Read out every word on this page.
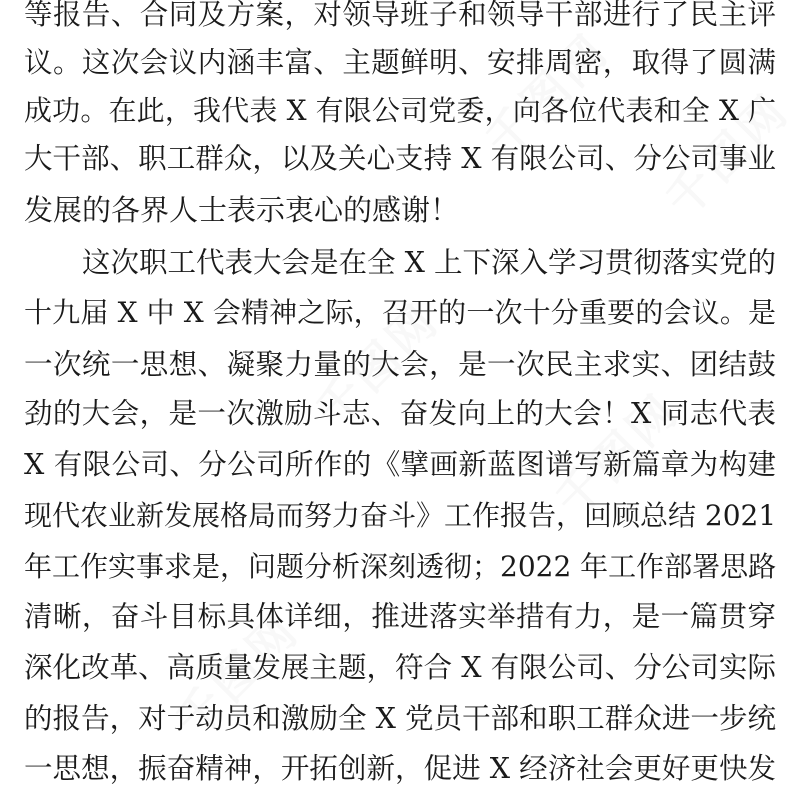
千图网 千图网
千图网
千图网
千图网
等报告、合同及方案，对领导班子和领导干部进行了民主评
议。这次会议内涵丰富、主题鲜明、安排周密，取得了圆满
成功。在此，我代表 X 有限公司党委，向各位代表和全 X 广
大干部、职工群众，以及关心支持 X 有限公司、分公司事业
发展的各界人士表示衷心的感谢！
这次职工代表大会是在全 X 上下深入学习贯彻落实党的
十九届 X 中 X 会精神之际，召开的一次十分重要的会议。是
一次统一思想、凝聚力量的大会，是一次民主求实、团结鼓
劲的大会，是一次激励斗志、奋发向上的大会！X 同志代表
X 有限公司、分公司所作的《擘画新蓝图谱写新篇章为构建
现代农业新发展格局而努力奋斗》工作报告，回顾总结 2021
年工作实事求是，问题分析深刻透彻；2022 年工作部署思路
清晰，奋斗目标具体详细，推进落实举措有力，是一篇贯穿
深化改革、高质量发展主题，符合 X 有限公司、分公司实际
的报告，对于动员和激励全 X 党员干部和职工群众进一步统
一思想，振奋精神，开拓创新，促进 X 经济社会更好更快发
